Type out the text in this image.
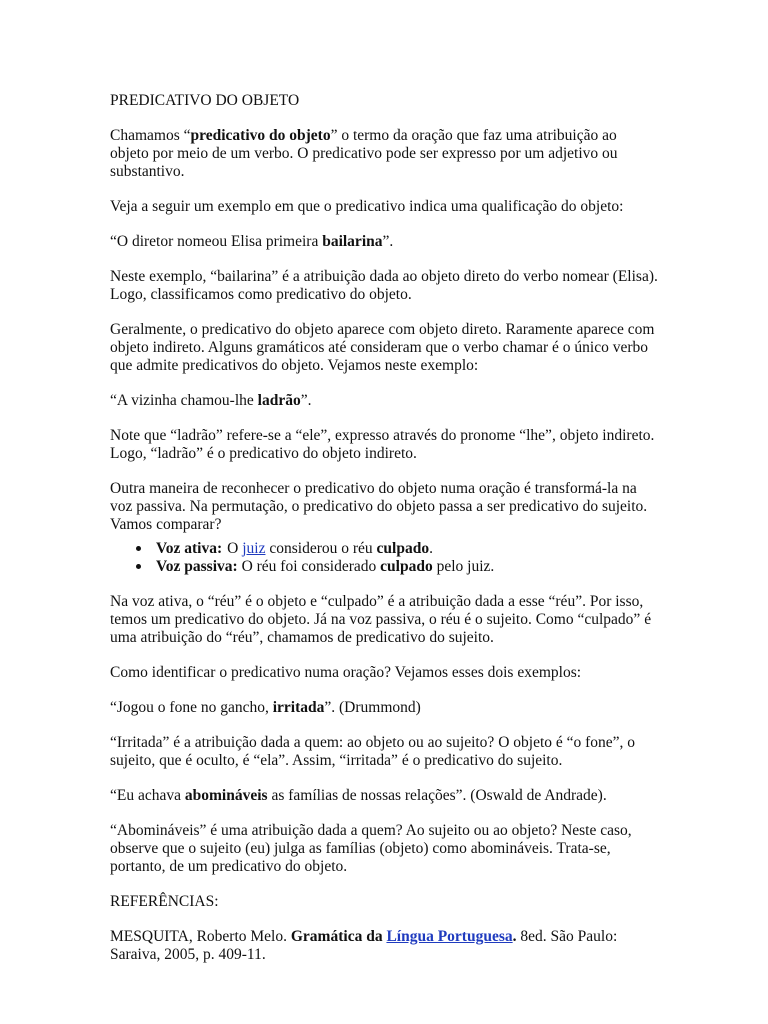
PREDICATIVO DO OBJETO

Chamamos “predicativo do objeto” o termo da oração que faz uma atribuição ao objeto por meio de um verbo. O predicativo pode ser expresso por um adjetivo ou substantivo.

Veja a seguir um exemplo em que o predicativo indica uma qualificação do objeto:

“O diretor nomeou Elisa primeira bailarina”.

Neste exemplo, “bailarina” é a atribuição dada ao objeto direto do verbo nomear (Elisa). Logo, classificamos como predicativo do objeto.

Geralmente, o predicativo do objeto aparece com objeto direto. Raramente aparece com objeto indireto. Alguns gramáticos até consideram que o verbo chamar é o único verbo que admite predicativos do objeto. Vejamos neste exemplo:

“A vizinha chamou-lhe ladrão”.

Note que “ladrão” refere-se a “ele”, expresso através do pronome “lhe”, objeto indireto. Logo, “ladrão” é o predicativo do objeto indireto.

Outra maneira de reconhecer o predicativo do objeto numa oração é transformá-la na voz passiva. Na permutação, o predicativo do objeto passa a ser predicativo do sujeito. Vamos comparar?

Voz ativa: O juiz considerou o réu culpado.
Voz passiva: O réu foi considerado culpado pelo juiz.

Na voz ativa, o “réu” é o objeto e “culpado” é a atribuição dada a esse “réu”. Por isso, temos um predicativo do objeto. Já na voz passiva, o réu é o sujeito. Como “culpado” é uma atribuição do “réu”, chamamos de predicativo do sujeito.

Como identificar o predicativo numa oração? Vejamos esses dois exemplos:

“Jogou o fone no gancho, irritada”. (Drummond)

“Irritada” é a atribuição dada a quem: ao objeto ou ao sujeito? O objeto é “o fone”, o sujeito, que é oculto, é “ela”. Assim, “irritada” é o predicativo do sujeito.

“Eu achava abomináveis as famílias de nossas relações”. (Oswald de Andrade).

“Abomináveis” é uma atribuição dada a quem? Ao sujeito ou ao objeto? Neste caso, observe que o sujeito (eu) julga as famílias (objeto) como abomináveis. Trata-se, portanto, de um predicativo do objeto.

REFERÊNCIAS:

MESQUITA, Roberto Melo. Gramática da Língua Portuguesa. 8ed. São Paulo: Saraiva, 2005, p. 409-11.
